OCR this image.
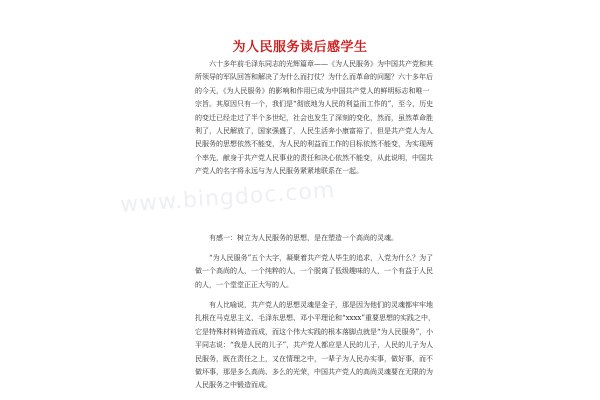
为人民服务读后感学生
六十多年前毛泽东同志的光辉篇章——《为人民服务》为中国共产党和其所领导的军队回答和解决了为什么而打仗？为什么而革命的问题？六十多年后的今天，《为人民服务》的影响和作用已成为中国共产党人的鲜明标志和唯一宗旨。其原因只有一个，我们是“彻底地为人民的利益而工作的”，至今，历史的变迁已经走过了半个多世纪，社会也发生了深刻的变化，然而，虽然革命胜利了，人民解放了，国家强盛了，人民生活奔小康富裕了，但是共产党人为人民服务的思想依然不能变，为人民的利益而工作的目标依然不能变，为实现两个率先，献身于共产党人民事业的责任和决心依然不能变，从此说明，中国共产党人的名字将永远与为人民服务紧紧地联系在一起。
有感一：树立为人民服务的思想，是在塑造一个高尚的灵魂。
“为人民服务”五个大字，凝聚着共产党人毕生的追求，入党为什么？为了做一个高尚的人，一个纯粹的人，一个脱离了低级趣味的人，一个有益于人民的人，一个堂堂正正大写的人。
有人比喻说，共产党人的思想灵魂是金子，那是因为他们的灵魂都牢牢地扎根在马克思主义、毛泽东思想、邓小平理论和“xxxx”重要思想的实践之中，它是特殊材料铸造而成，而这个伟大实践的根本落脚点就是“为人民服务”，小平同志说：“我是人民的儿子”，共产党人都应是人民的儿子，人民的儿子为人民服务，既在责任之上，又在情理之中，一辈子为人民办实事，做好事，而不做坏事，那是多么高尚、多么的光荣，中国共产党人的高尚灵魂要在无限的为人民服务之中锻造而成。
